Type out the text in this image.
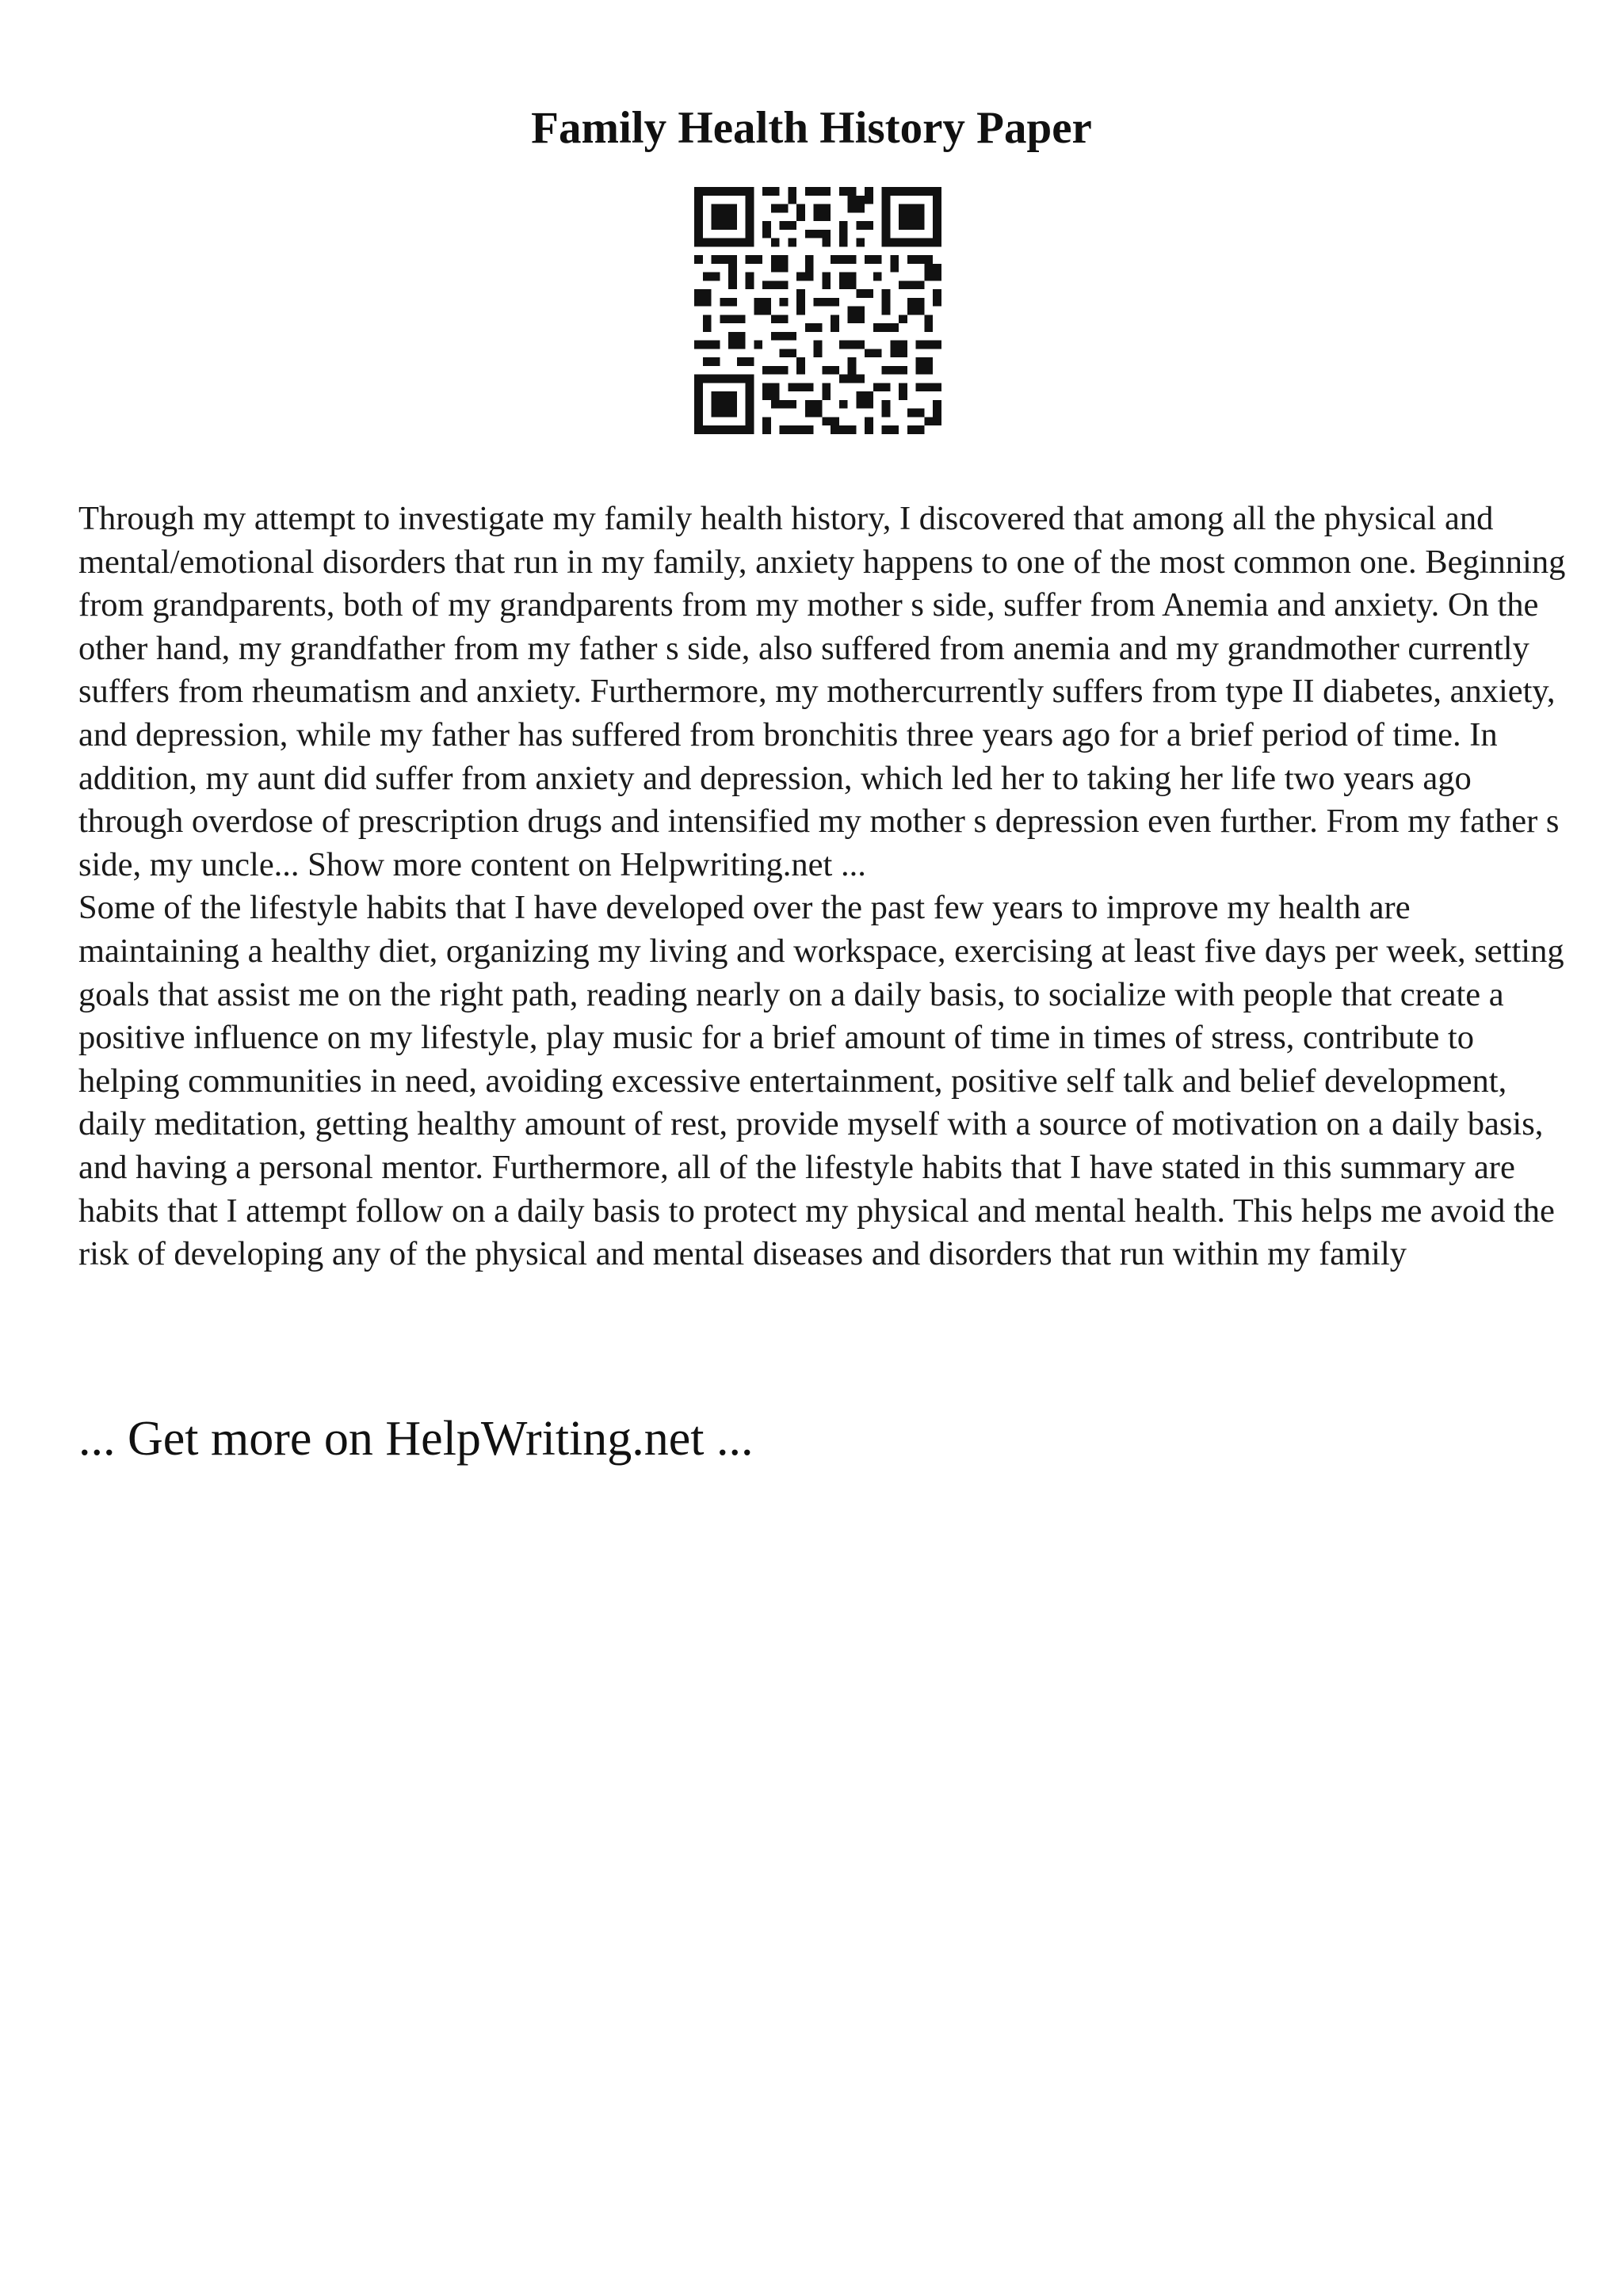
Family Health History Paper

Through my attempt to investigate my family health history, I discovered that among all the physical and mental/emotional disorders that run in my family, anxiety happens to one of the most common one. Beginning from grandparents, both of my grandparents from my mother s side, suffer from Anemia and anxiety. On the other hand, my grandfather from my father s side, also suffered from anemia and my grandmother currently suffers from rheumatism and anxiety. Furthermore, my mothercurrently suffers from type II diabetes, anxiety, and depression, while my father has suffered from bronchitis three years ago for a brief period of time. In addition, my aunt did suffer from anxiety and depression, which led her to taking her life two years ago through overdose of prescription drugs and intensified my mother s depression even further. From my father s side, my uncle... Show more content on Helpwriting.net ...

Some of the lifestyle habits that I have developed over the past few years to improve my health are maintaining a healthy diet, organizing my living and workspace, exercising at least five days per week, setting goals that assist me on the right path, reading nearly on a daily basis, to socialize with people that create a positive influence on my lifestyle, play music for a brief amount of time in times of stress, contribute to helping communities in need, avoiding excessive entertainment, positive self talk and belief development, daily meditation, getting healthy amount of rest, provide myself with a source of motivation on a daily basis, and having a personal mentor. Furthermore, all of the lifestyle habits that I have stated in this summary are habits that I attempt follow on a daily basis to protect my physical and mental health. This helps me avoid the risk of developing any of the physical and mental diseases and disorders that run within my family

... Get more on HelpWriting.net ...
